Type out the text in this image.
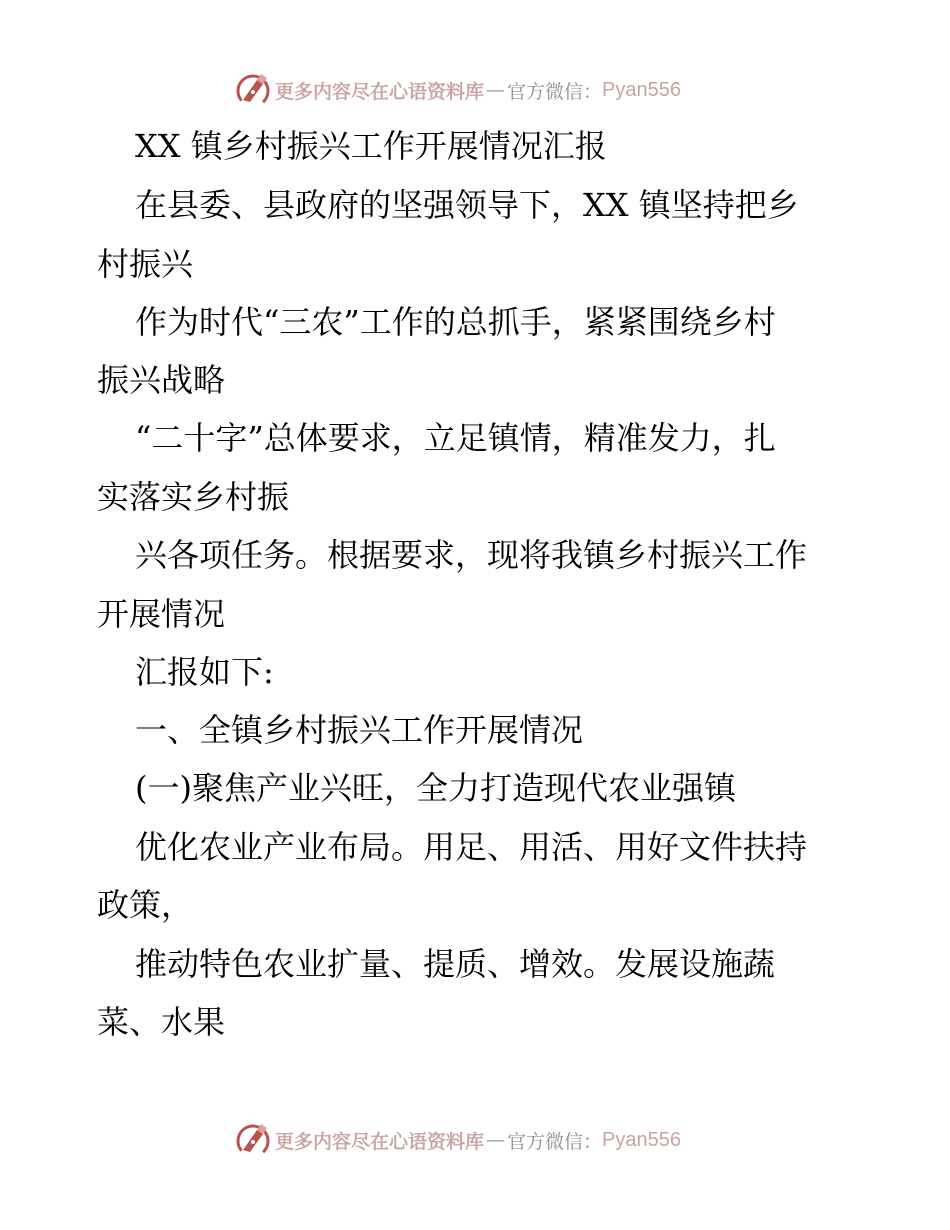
更多内容尽在心语资料库 — 官方微信： Pyan556

XX 镇乡村振兴工作开展情况汇报

在县委、县政府的坚强领导下，XX 镇坚持把乡

村振兴

作为时代“三农”工作的总抓手，紧紧围绕乡村

振兴战略

“二十字”总体要求，立足镇情，精准发力，扎

实落实乡村振

兴各项任务。根据要求，现将我镇乡村振兴工作

开展情况

汇报如下:

一、全镇乡村振兴工作开展情况

(一)聚焦产业兴旺，全力打造现代农业强镇

优化农业产业布局。用足、用活、用好文件扶持

政策，

推动特色农业扩量、提质、增效。发展设施蔬

菜、水果

更多内容尽在心语资料库 — 官方微信： Pyan556
